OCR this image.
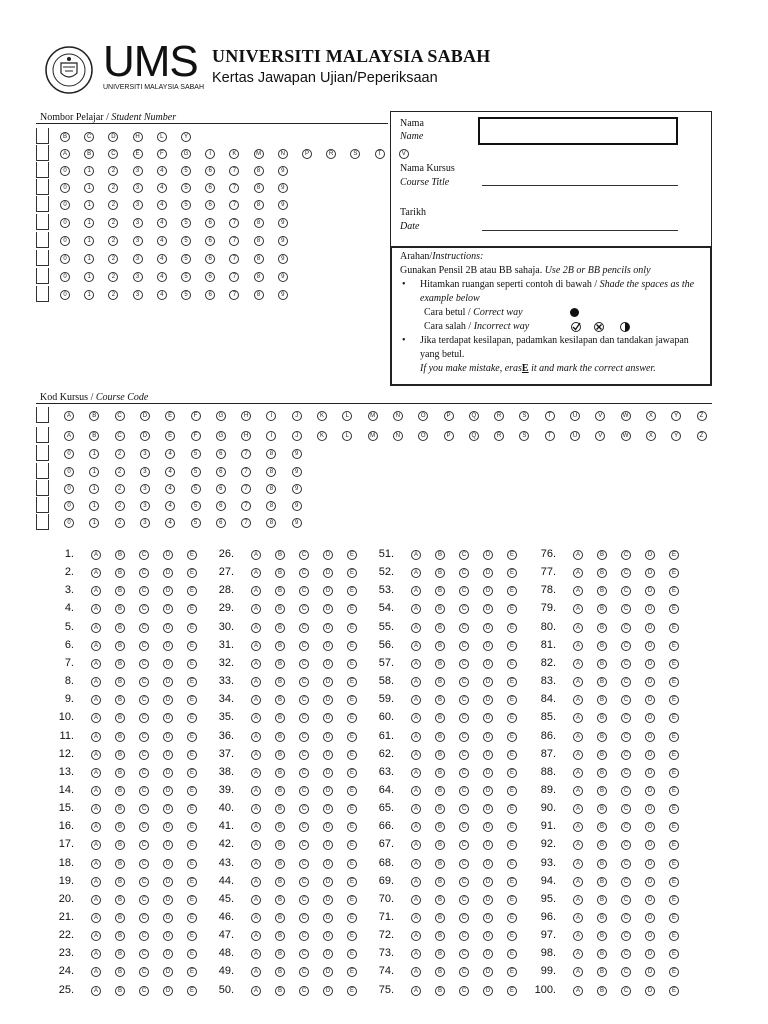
UMS
UNIVERSITI MALAYSIA SABAH
UNIVERSITI MALAYSIA SABAH
Kertas Jawapan Ujian/Peperiksaan
Nombor Pelajar / Student Number
B	C	D	H	L	Y
A	B	C	E	F	G	I	K	M	N	P	R	S	T	V
0	1	2	3	4	5	6	7	8	9
0	1	2	3	4	5	6	7	8	9
0	1	2	3	4	5	6	7	8	9
0	1	2	3	4	5	6	7	8	9
0	1	2	3	4	5	6	7	8	9
0	1	2	3	4	5	6	7	8	9
0	1	2	3	4	5	6	7	8	9
0	1	2	3	4	5	6	7	8	9
Nama
Name
Nama Kursus
Course Title
Tarikh
Date
Arahan/Instructions:
Gunakan Pensil 2B atau BB sahaja. Use 2B or BB pencils only
• Hitamkan ruangan seperti contoh di bawah / Shade the spaces as the example below
Cara betul / Correct way
Cara salah / Incorrect way
• Jika terdapat kesilapan, padamkan kesilapan dan tandakan jawapan yang betul.
If you make mistake, erasE it and mark the correct answer.
Kod Kursus / Course Code
A	B	C	D	E	F	G	H	I	J	K	L	M	N	O	P	Q	R	S	T	U	V	W	X	Y	Z
A	B	C	D	E	F	G	H	I	J	K	L	M	N	O	P	Q	R	S	T	U	V	W	X	Y	Z
0	1	2	3	4	5	6	7	8	9
0	1	2	3	4	5	6	7	8	9
0	1	2	3	4	5	6	7	8	9
0	1	2	3	4	5	6	7	8	9
0	1	2	3	4	5	6	7	8	9
1.	A	B	C	D	E
2.	A	B	C	D	E
3.	A	B	C	D	E
4.	A	B	C	D	E
5.	A	B	C	D	E
6.	A	B	C	D	E
7.	A	B	C	D	E
8.	A	B	C	D	E
9.	A	B	C	D	E
10.	A	B	C	D	E
11.	A	B	C	D	E
12.	A	B	C	D	E
13.	A	B	C	D	E
14.	A	B	C	D	E
15.	A	B	C	D	E
16.	A	B	C	D	E
17.	A	B	C	D	E
18.	A	B	C	D	E
19.	A	B	C	D	E
20.	A	B	C	D	E
21.	A	B	C	D	E
22.	A	B	C	D	E
23.	A	B	C	D	E
24.	A	B	C	D	E
25.	A	B	C	D	E
26.	A	B	C	D	E
27.	A	B	C	D	E
28.	A	B	C	D	E
29.	A	B	C	D	E
30.	A	B	C	D	E
31.	A	B	C	D	E
32.	A	B	C	D	E
33.	A	B	C	D	E
34.	A	B	C	D	E
35.	A	B	C	D	E
36.	A	B	C	D	E
37.	A	B	C	D	E
38.	A	B	C	D	E
39.	A	B	C	D	E
40.	A	B	C	D	E
41.	A	B	C	D	E
42.	A	B	C	D	E
43.	A	B	C	D	E
44.	A	B	C	D	E
45.	A	B	C	D	E
46.	A	B	C	D	E
47.	A	B	C	D	E
48.	A	B	C	D	E
49.	A	B	C	D	E
50.	A	B	C	D	E
51.	A	B	C	D	E
52.	A	B	C	D	E
53.	A	B	C	D	E
54.	A	B	C	D	E
55.	A	B	C	D	E
56.	A	B	C	D	E
57.	A	B	C	D	E
58.	A	B	C	D	E
59.	A	B	C	D	E
60.	A	B	C	D	E
61.	A	B	C	D	E
62.	A	B	C	D	E
63.	A	B	C	D	E
64.	A	B	C	D	E
65.	A	B	C	D	E
66.	A	B	C	D	E
67.	A	B	C	D	E
68.	A	B	C	D	E
69.	A	B	C	D	E
70.	A	B	C	D	E
71.	A	B	C	D	E
72.	A	B	C	D	E
73.	A	B	C	D	E
74.	A	B	C	D	E
75.	A	B	C	D	E
76.	A	B	C	D	E
77.	A	B	C	D	E
78.	A	B	C	D	E
79.	A	B	C	D	E
80.	A	B	C	D	E
81.	A	B	C	D	E
82.	A	B	C	D	E
83.	A	B	C	D	E
84.	A	B	C	D	E
85.	A	B	C	D	E
86.	A	B	C	D	E
87.	A	B	C	D	E
88.	A	B	C	D	E
89.	A	B	C	D	E
90.	A	B	C	D	E
91.	A	B	C	D	E
92.	A	B	C	D	E
93.	A	B	C	D	E
94.	A	B	C	D	E
95.	A	B	C	D	E
96.	A	B	C	D	E
97.	A	B	C	D	E
98.	A	B	C	D	E
99.	A	B	C	D	E
100.	A	B	C	D	E
